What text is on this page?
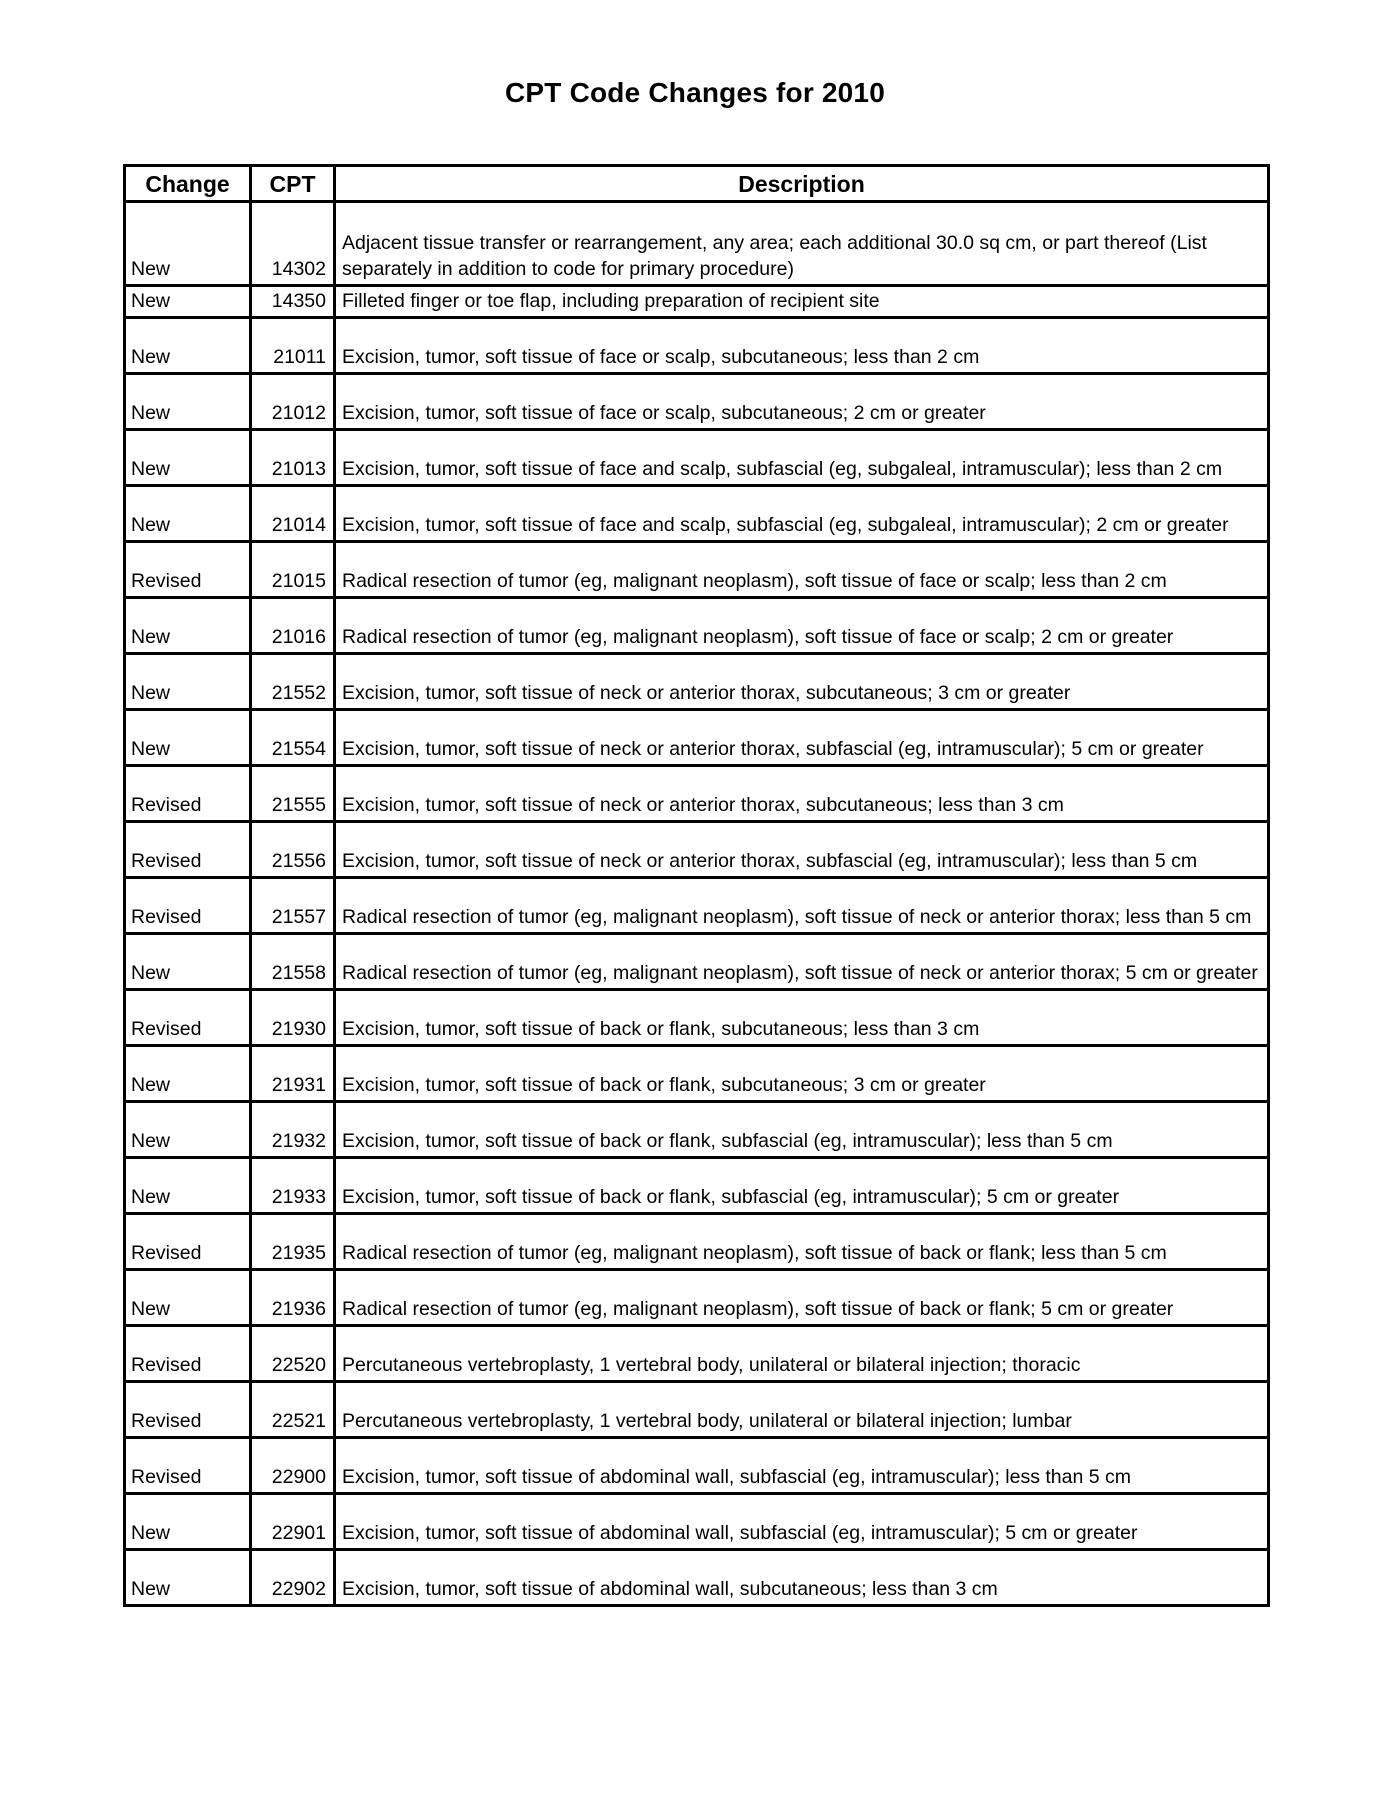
CPT Code Changes for 2010
Change	CPT	Description
New	14302	Adjacent tissue transfer or rearrangement, any area; each additional 30.0 sq cm, or part thereof (List separately in addition to code for primary procedure)
New	14350	Filleted finger or toe flap, including preparation of recipient site
New	21011	Excision, tumor, soft tissue of face or scalp, subcutaneous; less than 2 cm
New	21012	Excision, tumor, soft tissue of face or scalp, subcutaneous; 2 cm or greater
New	21013	Excision, tumor, soft tissue of face and scalp, subfascial (eg, subgaleal, intramuscular); less than 2 cm
New	21014	Excision, tumor, soft tissue of face and scalp, subfascial (eg, subgaleal, intramuscular); 2 cm or greater
Revised	21015	Radical resection of tumor (eg, malignant neoplasm), soft tissue of face or scalp; less than 2 cm
New	21016	Radical resection of tumor (eg, malignant neoplasm), soft tissue of face or scalp; 2 cm or greater
New	21552	Excision, tumor, soft tissue of neck or anterior thorax, subcutaneous; 3 cm or greater
New	21554	Excision, tumor, soft tissue of neck or anterior thorax, subfascial (eg, intramuscular); 5 cm or greater
Revised	21555	Excision, tumor, soft tissue of neck or anterior thorax, subcutaneous; less than 3 cm
Revised	21556	Excision, tumor, soft tissue of neck or anterior thorax, subfascial (eg, intramuscular); less than 5 cm
Revised	21557	Radical resection of tumor (eg, malignant neoplasm), soft tissue of neck or anterior thorax; less than 5 cm
New	21558	Radical resection of tumor (eg, malignant neoplasm), soft tissue of neck or anterior thorax; 5 cm or greater
Revised	21930	Excision, tumor, soft tissue of back or flank, subcutaneous; less than 3 cm
New	21931	Excision, tumor, soft tissue of back or flank, subcutaneous; 3 cm or greater
New	21932	Excision, tumor, soft tissue of back or flank, subfascial (eg, intramuscular); less than 5 cm
New	21933	Excision, tumor, soft tissue of back or flank, subfascial (eg, intramuscular); 5 cm or greater
Revised	21935	Radical resection of tumor (eg, malignant neoplasm), soft tissue of back or flank; less than 5 cm
New	21936	Radical resection of tumor (eg, malignant neoplasm), soft tissue of back or flank; 5 cm or greater
Revised	22520	Percutaneous vertebroplasty, 1 vertebral body, unilateral or bilateral injection; thoracic
Revised	22521	Percutaneous vertebroplasty, 1 vertebral body, unilateral or bilateral injection; lumbar
Revised	22900	Excision, tumor, soft tissue of abdominal wall, subfascial (eg, intramuscular); less than 5 cm
New	22901	Excision, tumor, soft tissue of abdominal wall, subfascial (eg, intramuscular); 5 cm or greater
New	22902	Excision, tumor, soft tissue of abdominal wall, subcutaneous; less than 3 cm
